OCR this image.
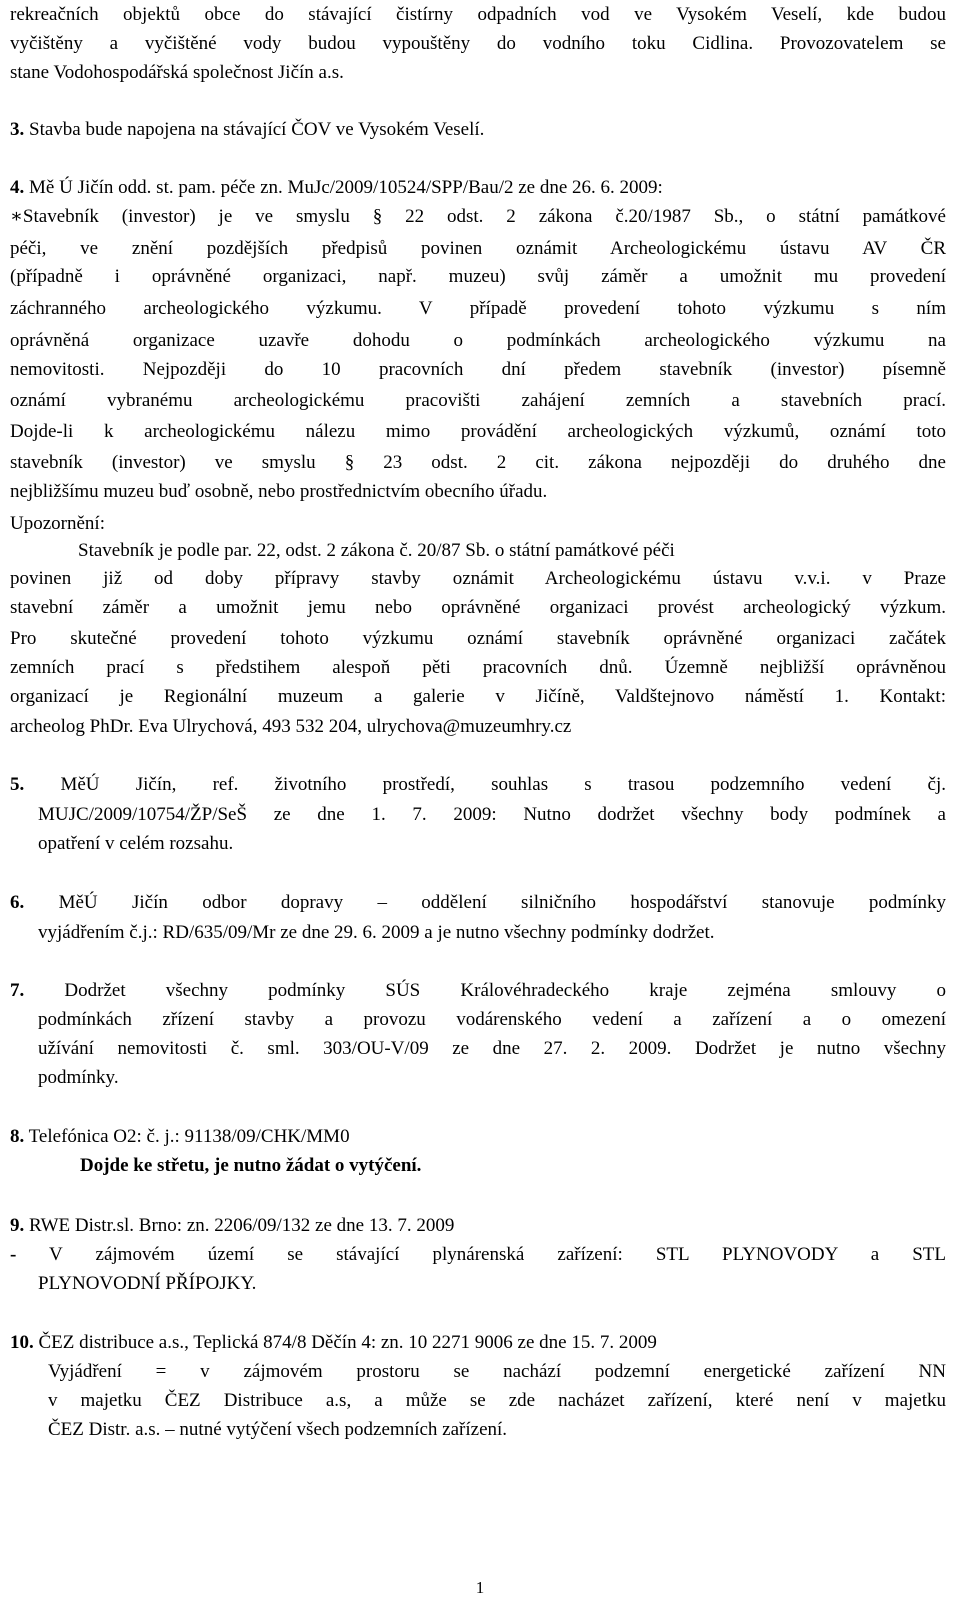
rekreačních objektů obce do stávající čistírny odpadních vod ve Vysokém Veselí, kde budou
vyčištěny a vyčištěné vody budou vypouštěny do vodního toku Cidlina. Provozovatelem se
stane Vodohospodářská společnost Jičín a.s.
3. Stavba bude napojena na stávající ČOV ve Vysokém Veselí.
4. Mě Ú Jičín odd. st. pam. péče zn. MuJc/2009/10524/SPP/Bau/2 ze dne 26. 6. 2009:
∗Stavebník (investor) je ve smyslu § 22 odst. 2 zákona č.20/1987 Sb., o státní památkové
péči, ve znění pozdějších předpisů povinen oznámit Archeologickému ústavu AV ČR
(případně i oprávněné organizaci, např. muzeu) svůj záměr a umožnit mu provedení
záchranného archeologického výzkumu. V případě provedení tohoto výzkumu s ním
oprávněná organizace uzavře dohodu o podmínkách archeologického výzkumu na
nemovitosti. Nejpozději do 10 pracovních dní předem stavebník (investor) písemně
oznámí vybranému archeologickému pracovišti zahájení zemních a stavebních prací.
Dojde-li k archeologickému nálezu mimo provádění archeologických výzkumů, oznámí toto
stavebník (investor) ve smyslu § 23 odst. 2 cit. zákona nejpozději do druhého dne
nejbližšímu muzeu buď osobně, nebo prostřednictvím obecního úřadu.
Upozornění:
Stavebník je podle par. 22, odst. 2 zákona č. 20/87 Sb. o státní památkové péči
povinen již od doby přípravy stavby oznámit Archeologickému ústavu v.v.i. v Praze
stavební záměr a umožnit jemu nebo oprávněné organizaci provést archeologický výzkum.
Pro skutečné provedení tohoto výzkumu oznámí stavebník oprávněné organizaci začátek
zemních prací s předstihem alespoň pěti pracovních dnů. Územně nejbližší oprávněnou
organizací je Regionální muzeum a galerie v Jičíně, Valdštejnovo náměstí 1. Kontakt:
archeolog PhDr. Eva Ulrychová, 493 532 204, ulrychova@muzeumhry.cz
5. MěÚ Jičín, ref. životního prostředí, souhlas s trasou podzemního vedení čj.
MUJC/2009/10754/ŽP/SeŠ ze dne 1. 7. 2009: Nutno dodržet všechny body podmínek a
opatření v celém rozsahu.
6. MěÚ Jičín odbor dopravy – oddělení silničního hospodářství stanovuje podmínky
vyjádřením č.j.: RD/635/09/Mr ze dne 29. 6. 2009 a je nutno všechny podmínky dodržet.
7. Dodržet všechny podmínky SÚS Královéhradeckého kraje zejména smlouvy o
podmínkách zřízení stavby a provozu vodárenského vedení a zařízení a o omezení
užívání nemovitosti č. sml. 303/OU-V/09 ze dne 27. 2. 2009. Dodržet je nutno všechny
podmínky.
8. Telefónica O2: č. j.: 91138/09/CHK/MM0
Dojde ke střetu, je nutno žádat o vytýčení.
9. RWE Distr.sl. Brno: zn. 2206/09/132 ze dne 13. 7. 2009
- V zájmovém území se stávající plynárenská zařízení: STL PLYNOVODY a STL
PLYNOVODNÍ PŘÍPOJKY.
10. ČEZ distribuce a.s., Teplická 874/8 Děčín 4: zn. 10 2271 9006 ze dne 15. 7. 2009
Vyjádření = v zájmovém prostoru se nachází podzemní energetické zařízení NN
v majetku ČEZ Distribuce a.s, a může se zde nacházet zařízení, které není v majetku
ČEZ Distr. a.s. – nutné vytýčení všech podzemních zařízení.
1
